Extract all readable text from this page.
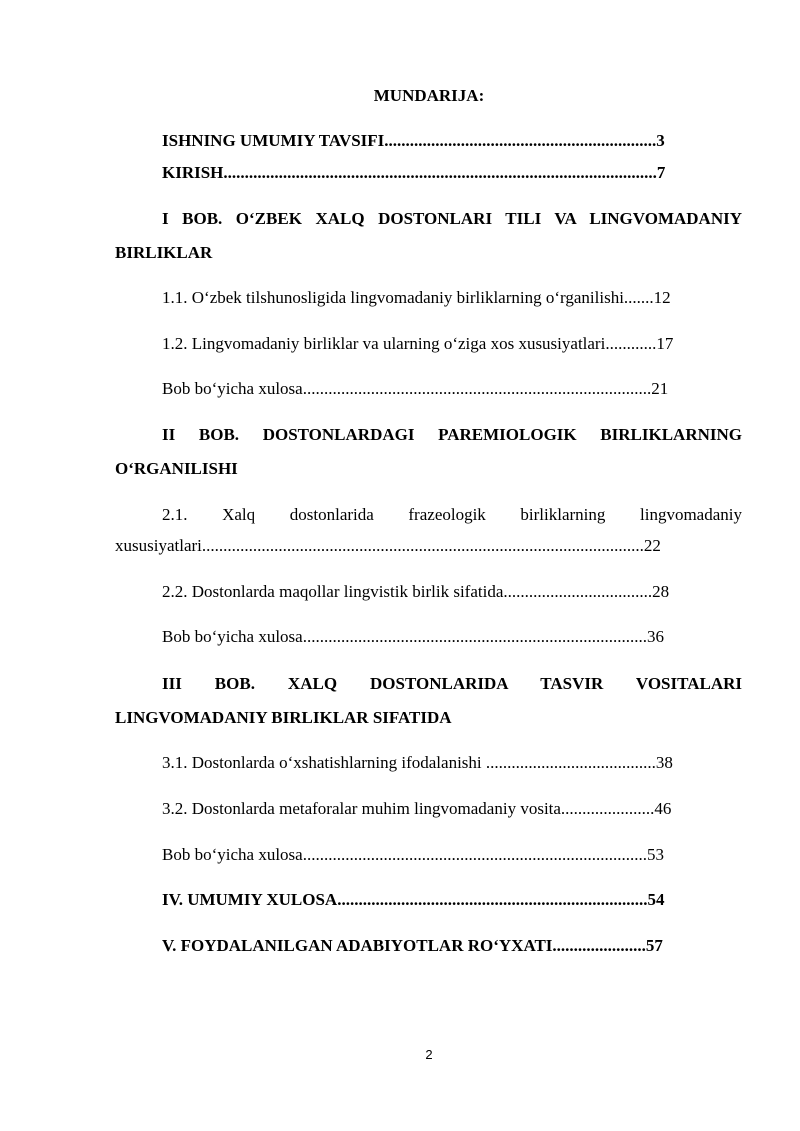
MUNDARIJA:
ISHNING UMUMIY TAVSIFI................................................................3
KIRISH......................................................................................................7
I BOB. O‘ZBEK XALQ DOSTONLARI TILI VA LINGVOMADANIY
BIRLIKLAR
1.1. O‘zbek tilshunosligida lingvomadaniy birliklarning o‘rganilishi.......12
1.2. Lingvomadaniy birliklar va ularning o‘ziga xos xususiyatlari............17
Bob bo‘yicha xulosa..................................................................................21
II BOB. DOSTONLARDAGI PAREMIOLOGIK BIRLIKLARNING
O‘RGANILISHI
2.1. Xalq dostonlarida frazeologik birliklarning lingvomadaniy
xususiyatlari........................................................................................................22
2.2. Dostonlarda maqollar lingvistik birlik sifatida...................................28
Bob bo‘yicha xulosa.................................................................................36
III BOB. XALQ DOSTONLARIDA TASVIR VOSITALARI
LINGVOMADANIY BIRLIKLAR SIFATIDA
3.1. Dostonlarda o‘xshatishlarning ifodalanishi ........................................38
3.2. Dostonlarda metaforalar muhim lingvomadaniy vosita......................46
Bob bo‘yicha xulosa.................................................................................53
IV. UMUMIY XULOSA.........................................................................54
V. FOYDALANILGAN ADABIYOTLAR RO‘YXATI......................57
2
